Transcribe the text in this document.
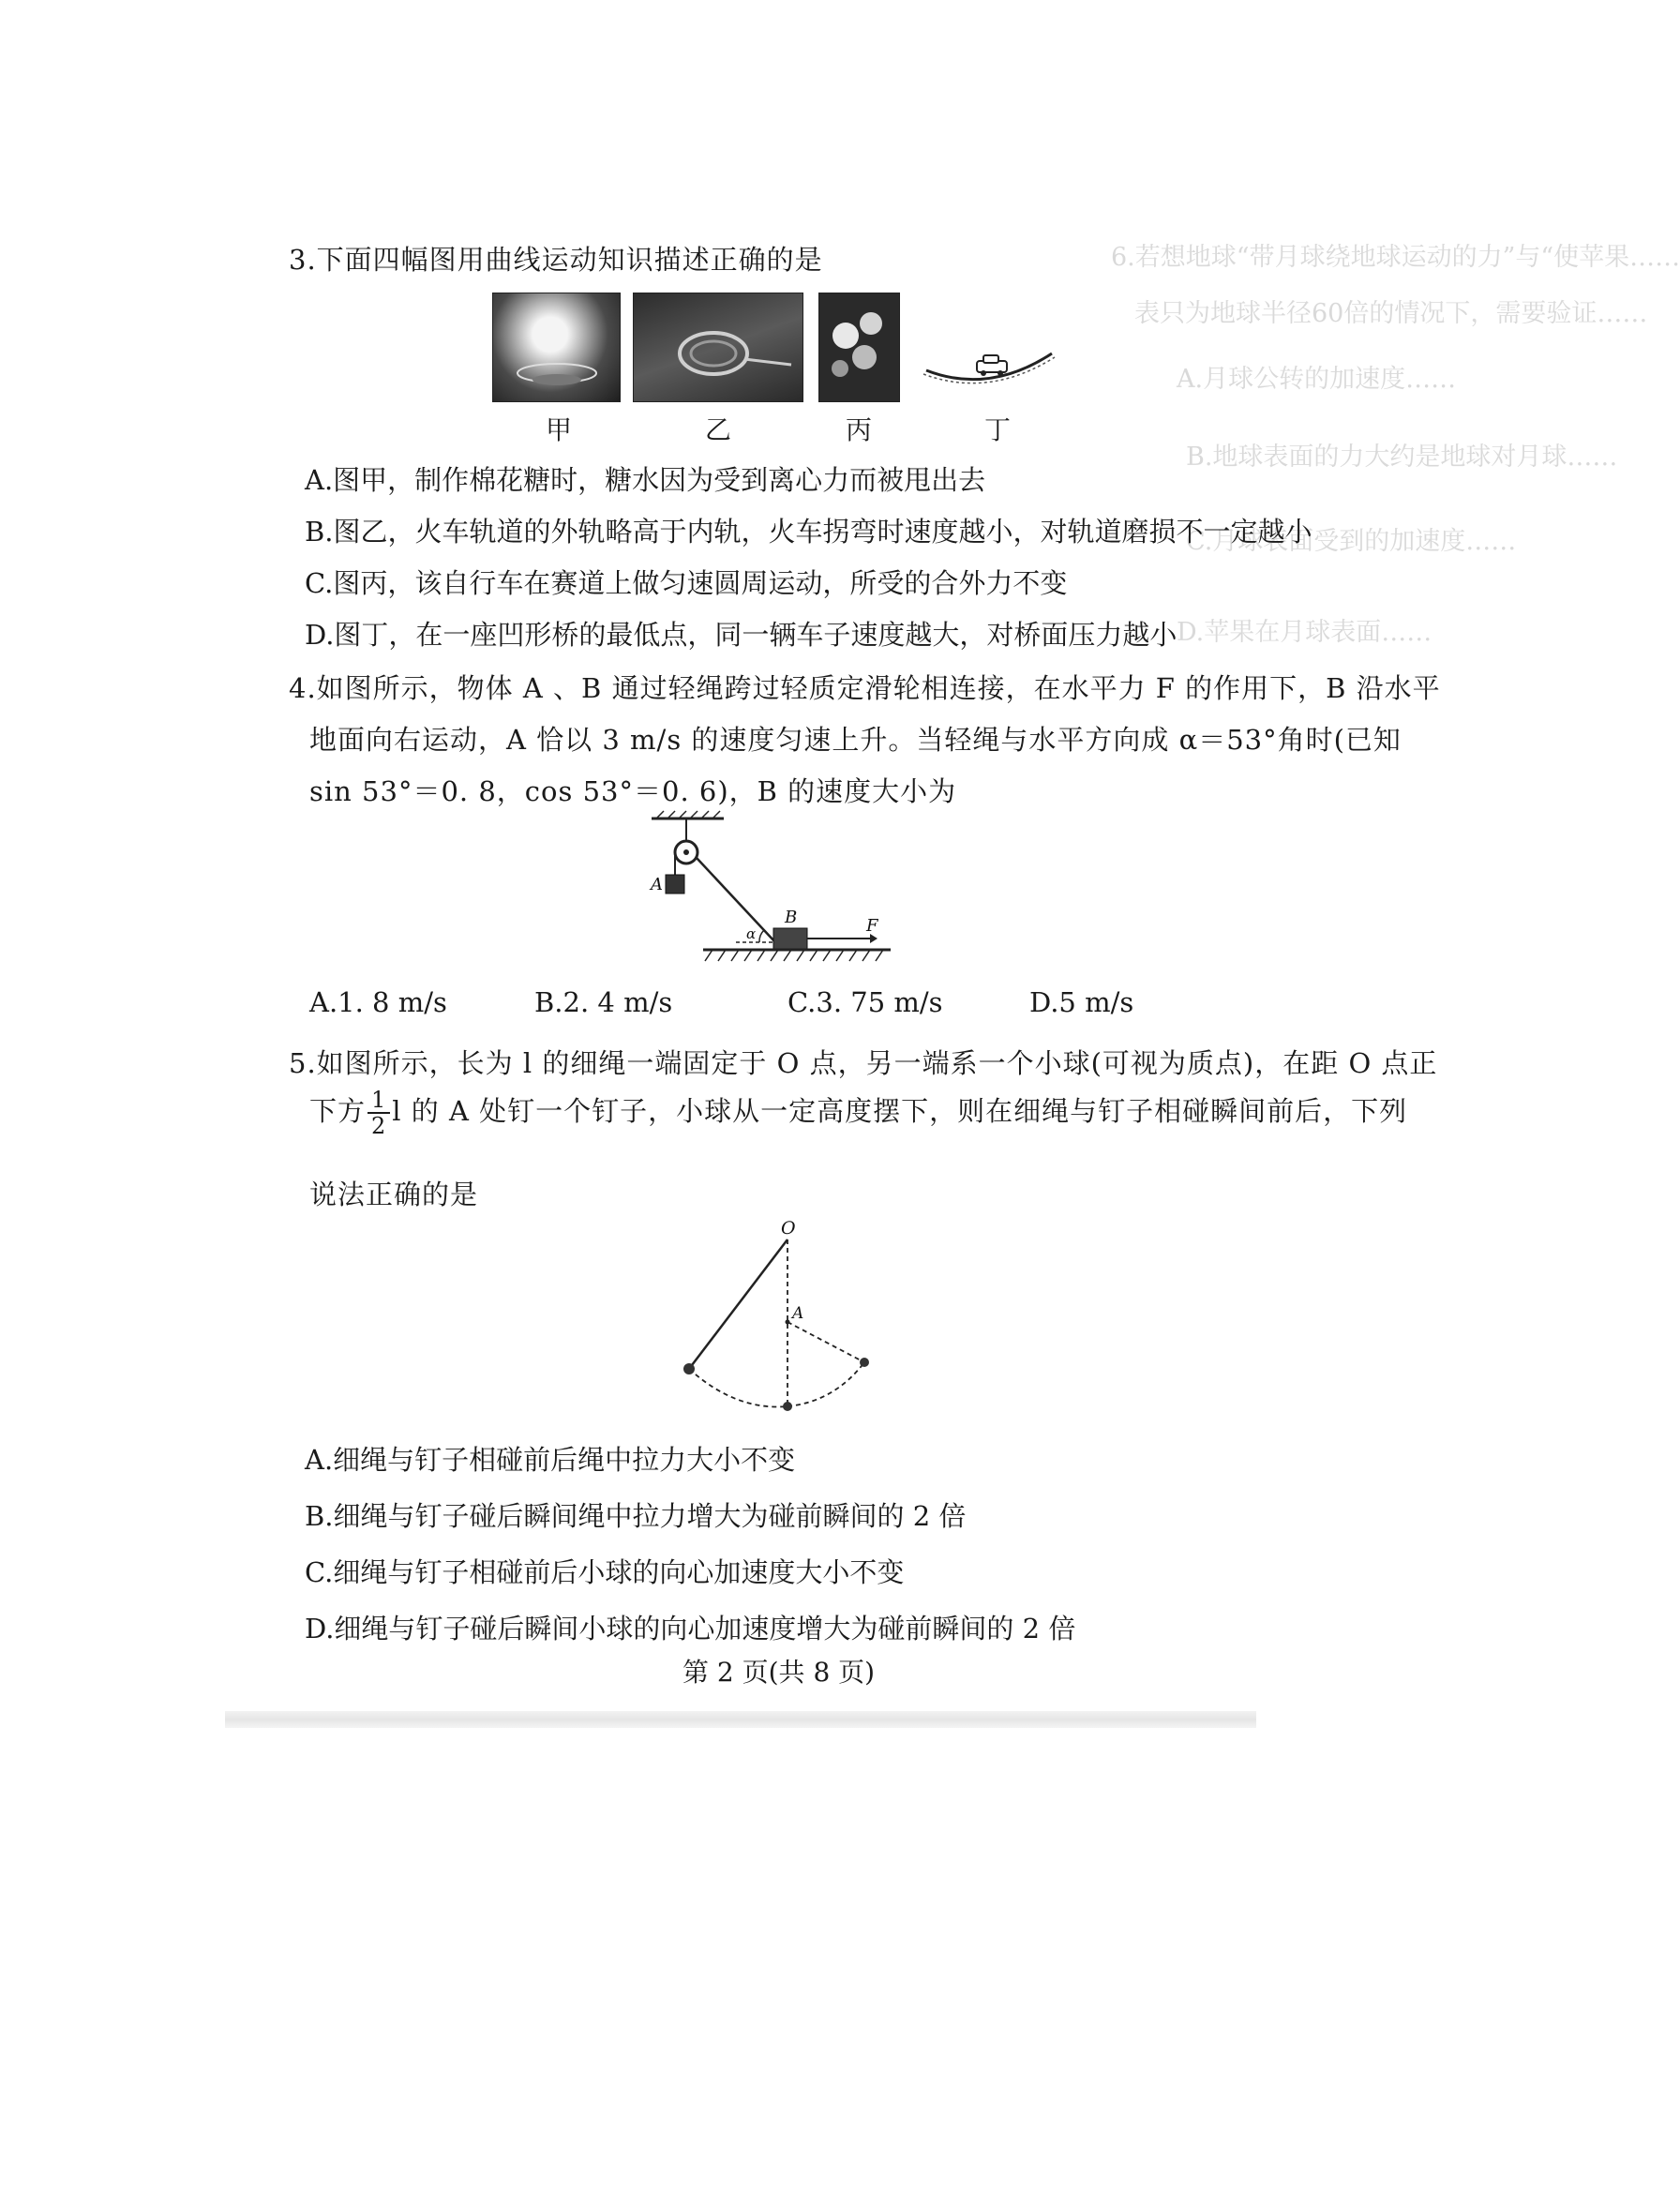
6.若想地球“带月球绕地球运动的力”与“使苹果……
表只为地球半径60倍的情况下，需要验证……
A.月球公转的加速度……
B.地球表面的力大约是地球对月球……
C.月球表面受到的加速度……
D.苹果在月球表面……
3.下面四幅图用曲线运动知识描述正确的是
甲	乙	丙	丁
A.图甲，制作棉花糖时，糖水因为受到离心力而被甩出去
B.图乙，火车轨道的外轨略高于内轨，火车拐弯时速度越小，对轨道磨损不一定越小
C.图丙，该自行车在赛道上做匀速圆周运动，所受的合外力不变
D.图丁，在一座凹形桥的最低点，同一辆车子速度越大，对桥面压力越小
4.如图所示，物体 A 、B 通过轻绳跨过轻质定滑轮相连接，在水平力 F 的作用下，B 沿水平
地面向右运动，A 恰以 3 m/s 的速度匀速上升。当轻绳与水平方向成 α＝53°角时(已知
sin 53°＝0. 8，cos 53°＝0. 6)，B 的速度大小为
A
B	F
α
A.1. 8 m/s	B.2. 4 m/s	C.3. 75 m/s	D.5 m/s
5.如图所示，长为 l 的细绳一端固定于 O 点，另一端系一个小球(可视为质点)，在距 O 点正
下方 $\frac{1}{2}$ l 的 A 处钉一个钉子，小球从一定高度摆下，则在细绳与钉子相碰瞬间前后，下列
说法正确的是
O
A
A.细绳与钉子相碰前后绳中拉力大小不变
B.细绳与钉子碰后瞬间绳中拉力增大为碰前瞬间的 2 倍
C.细绳与钉子相碰前后小球的向心加速度大小不变
D.细绳与钉子碰后瞬间小球的向心加速度增大为碰前瞬间的 2 倍
第 2 页(共 8 页)
